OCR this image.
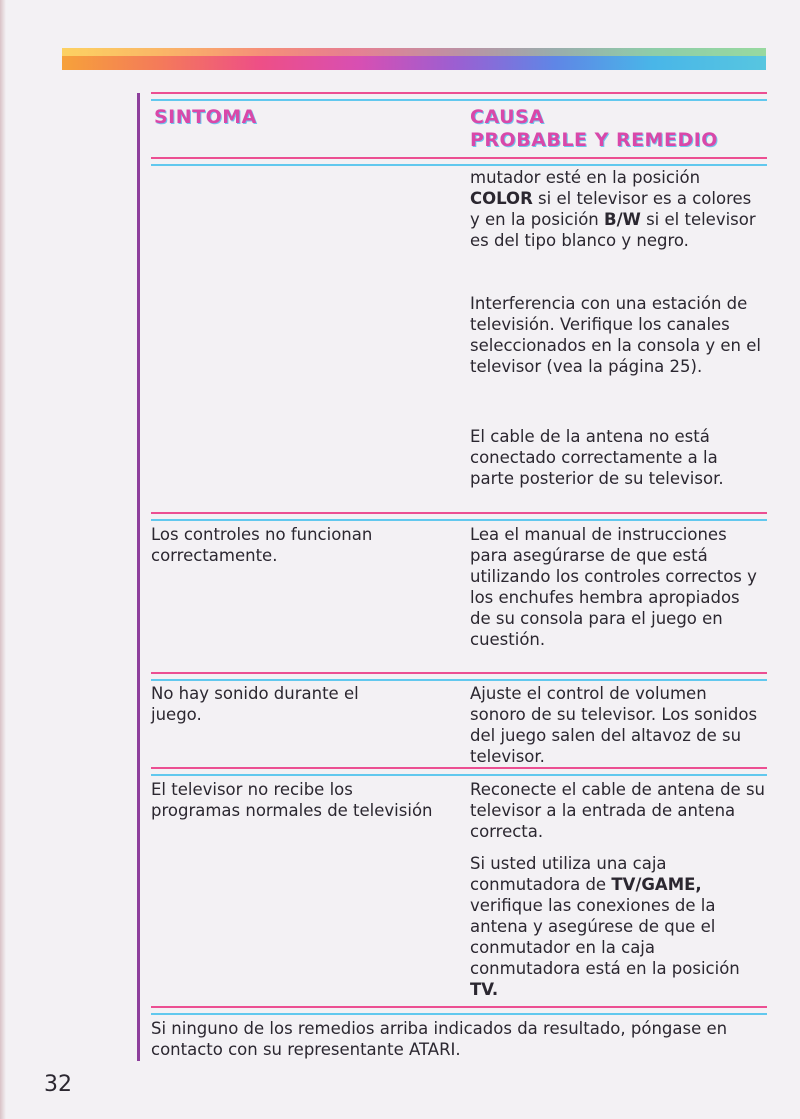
SINTOMA	CAUSA
PROBABLE Y REMEDIO

mutador esté en la posición COLOR si el televisor es a colores y en la posición B/W si el televisor es del tipo blanco y negro.

Interferencia con una estación de televisión. Verifique los canales seleccionados en la consola y en el televisor (vea la página 25).

El cable de la antena no está conectado correctamente a la parte posterior de su televisor.

Los controles no funcionan correctamente.

Lea el manual de instrucciones para asegúrarse de que está utilizando los controles correctos y los enchufes hembra apropiados de su consola para el juego en cuestión.

No hay sonido durante el juego.

Ajuste el control de volumen sonoro de su televisor. Los sonidos del juego salen del altavoz de su televisor.

El televisor no recibe los programas normales de televisión

Reconecte el cable de antena de su televisor a la entrada de antena correcta.

Si usted utiliza una caja conmutadora de TV/GAME, verifique las conexiones de la antena y asegúrese de que el conmutador en la caja conmutadora está en la posición TV.

Si ninguno de los remedios arriba indicados da resultado, póngase en contacto con su representante ATARI.

32
